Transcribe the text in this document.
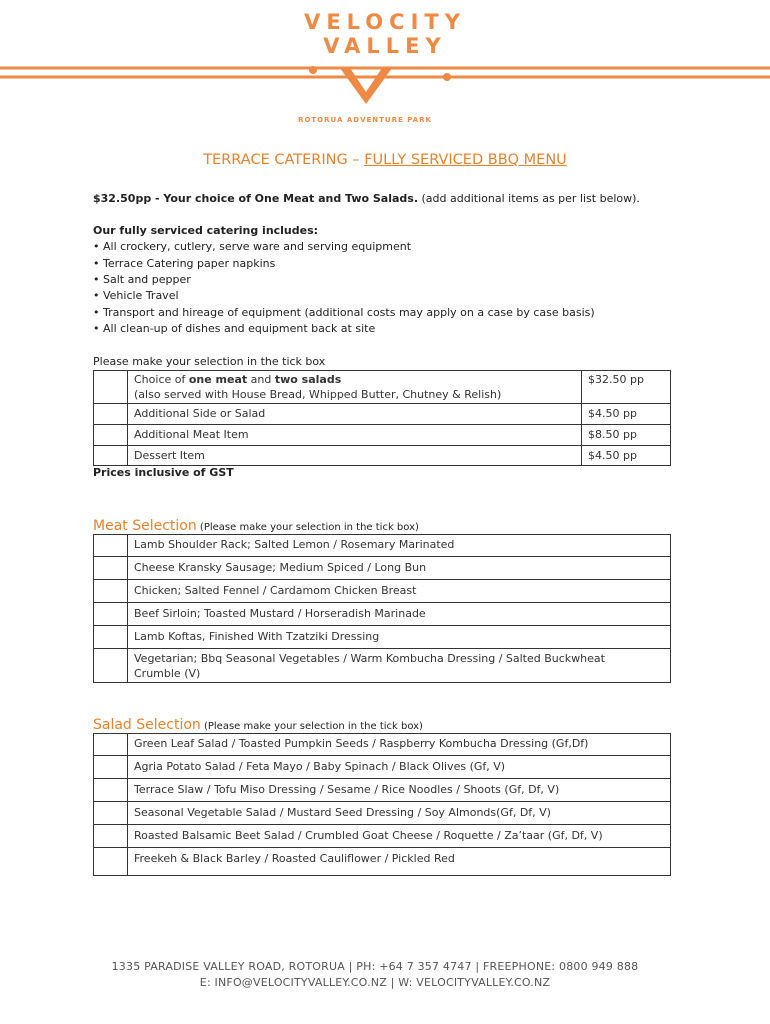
VELOCITY
VALLEY
ROTORUA ADVENTURE PARK
TERRACE CATERING – FULLY SERVICED BBQ MENU
$32.50pp - Your choice of One Meat and Two Salads. (add additional items as per list below).
Our fully serviced catering includes:
• All crockery, cutlery, serve ware and serving equipment
• Terrace Catering paper napkins
• Salt and pepper
• Vehicle Travel
• Transport and hireage of equipment (additional costs may apply on a case by case basis)
• All clean-up of dishes and equipment back at site
Please make your selection in the tick box
	Choice of one meat and two salads
(also served with House Bread, Whipped Butter, Chutney & Relish)	$32.50 pp
	Additional Side or Salad	$4.50 pp
	Additional Meat Item	$8.50 pp
	Dessert Item	$4.50 pp
Prices inclusive of GST
Meat Selection (Please make your selection in the tick box)
	Lamb Shoulder Rack; Salted Lemon / Rosemary Marinated
	Cheese Kransky Sausage; Medium Spiced / Long Bun
	Chicken; Salted Fennel / Cardamom Chicken Breast
	Beef Sirloin; Toasted Mustard / Horseradish Marinade
	Lamb Koftas, Finished With Tzatziki Dressing
	Vegetarian; Bbq Seasonal Vegetables / Warm Kombucha Dressing / Salted Buckwheat
Crumble (V)
Salad Selection (Please make your selection in the tick box)
	Green Leaf Salad / Toasted Pumpkin Seeds / Raspberry Kombucha Dressing (Gf,Df)
	Agria Potato Salad / Feta Mayo / Baby Spinach / Black Olives (Gf, V)
	Terrace Slaw / Tofu Miso Dressing / Sesame / Rice Noodles / Shoots (Gf, Df, V)
	Seasonal Vegetable Salad / Mustard Seed Dressing / Soy Almonds(Gf, Df, V)
	Roasted Balsamic Beet Salad / Crumbled Goat Cheese / Roquette / Za’taar (Gf, Df, V)
	Freekeh & Black Barley / Roasted Cauliflower / Pickled Red
1335 PARADISE VALLEY ROAD, ROTORUA | PH: +64 7 357 4747 | FREEPHONE: 0800 949 888
E: INFO@VELOCITYVALLEY.CO.NZ | W: VELOCITYVALLEY.CO.NZ
